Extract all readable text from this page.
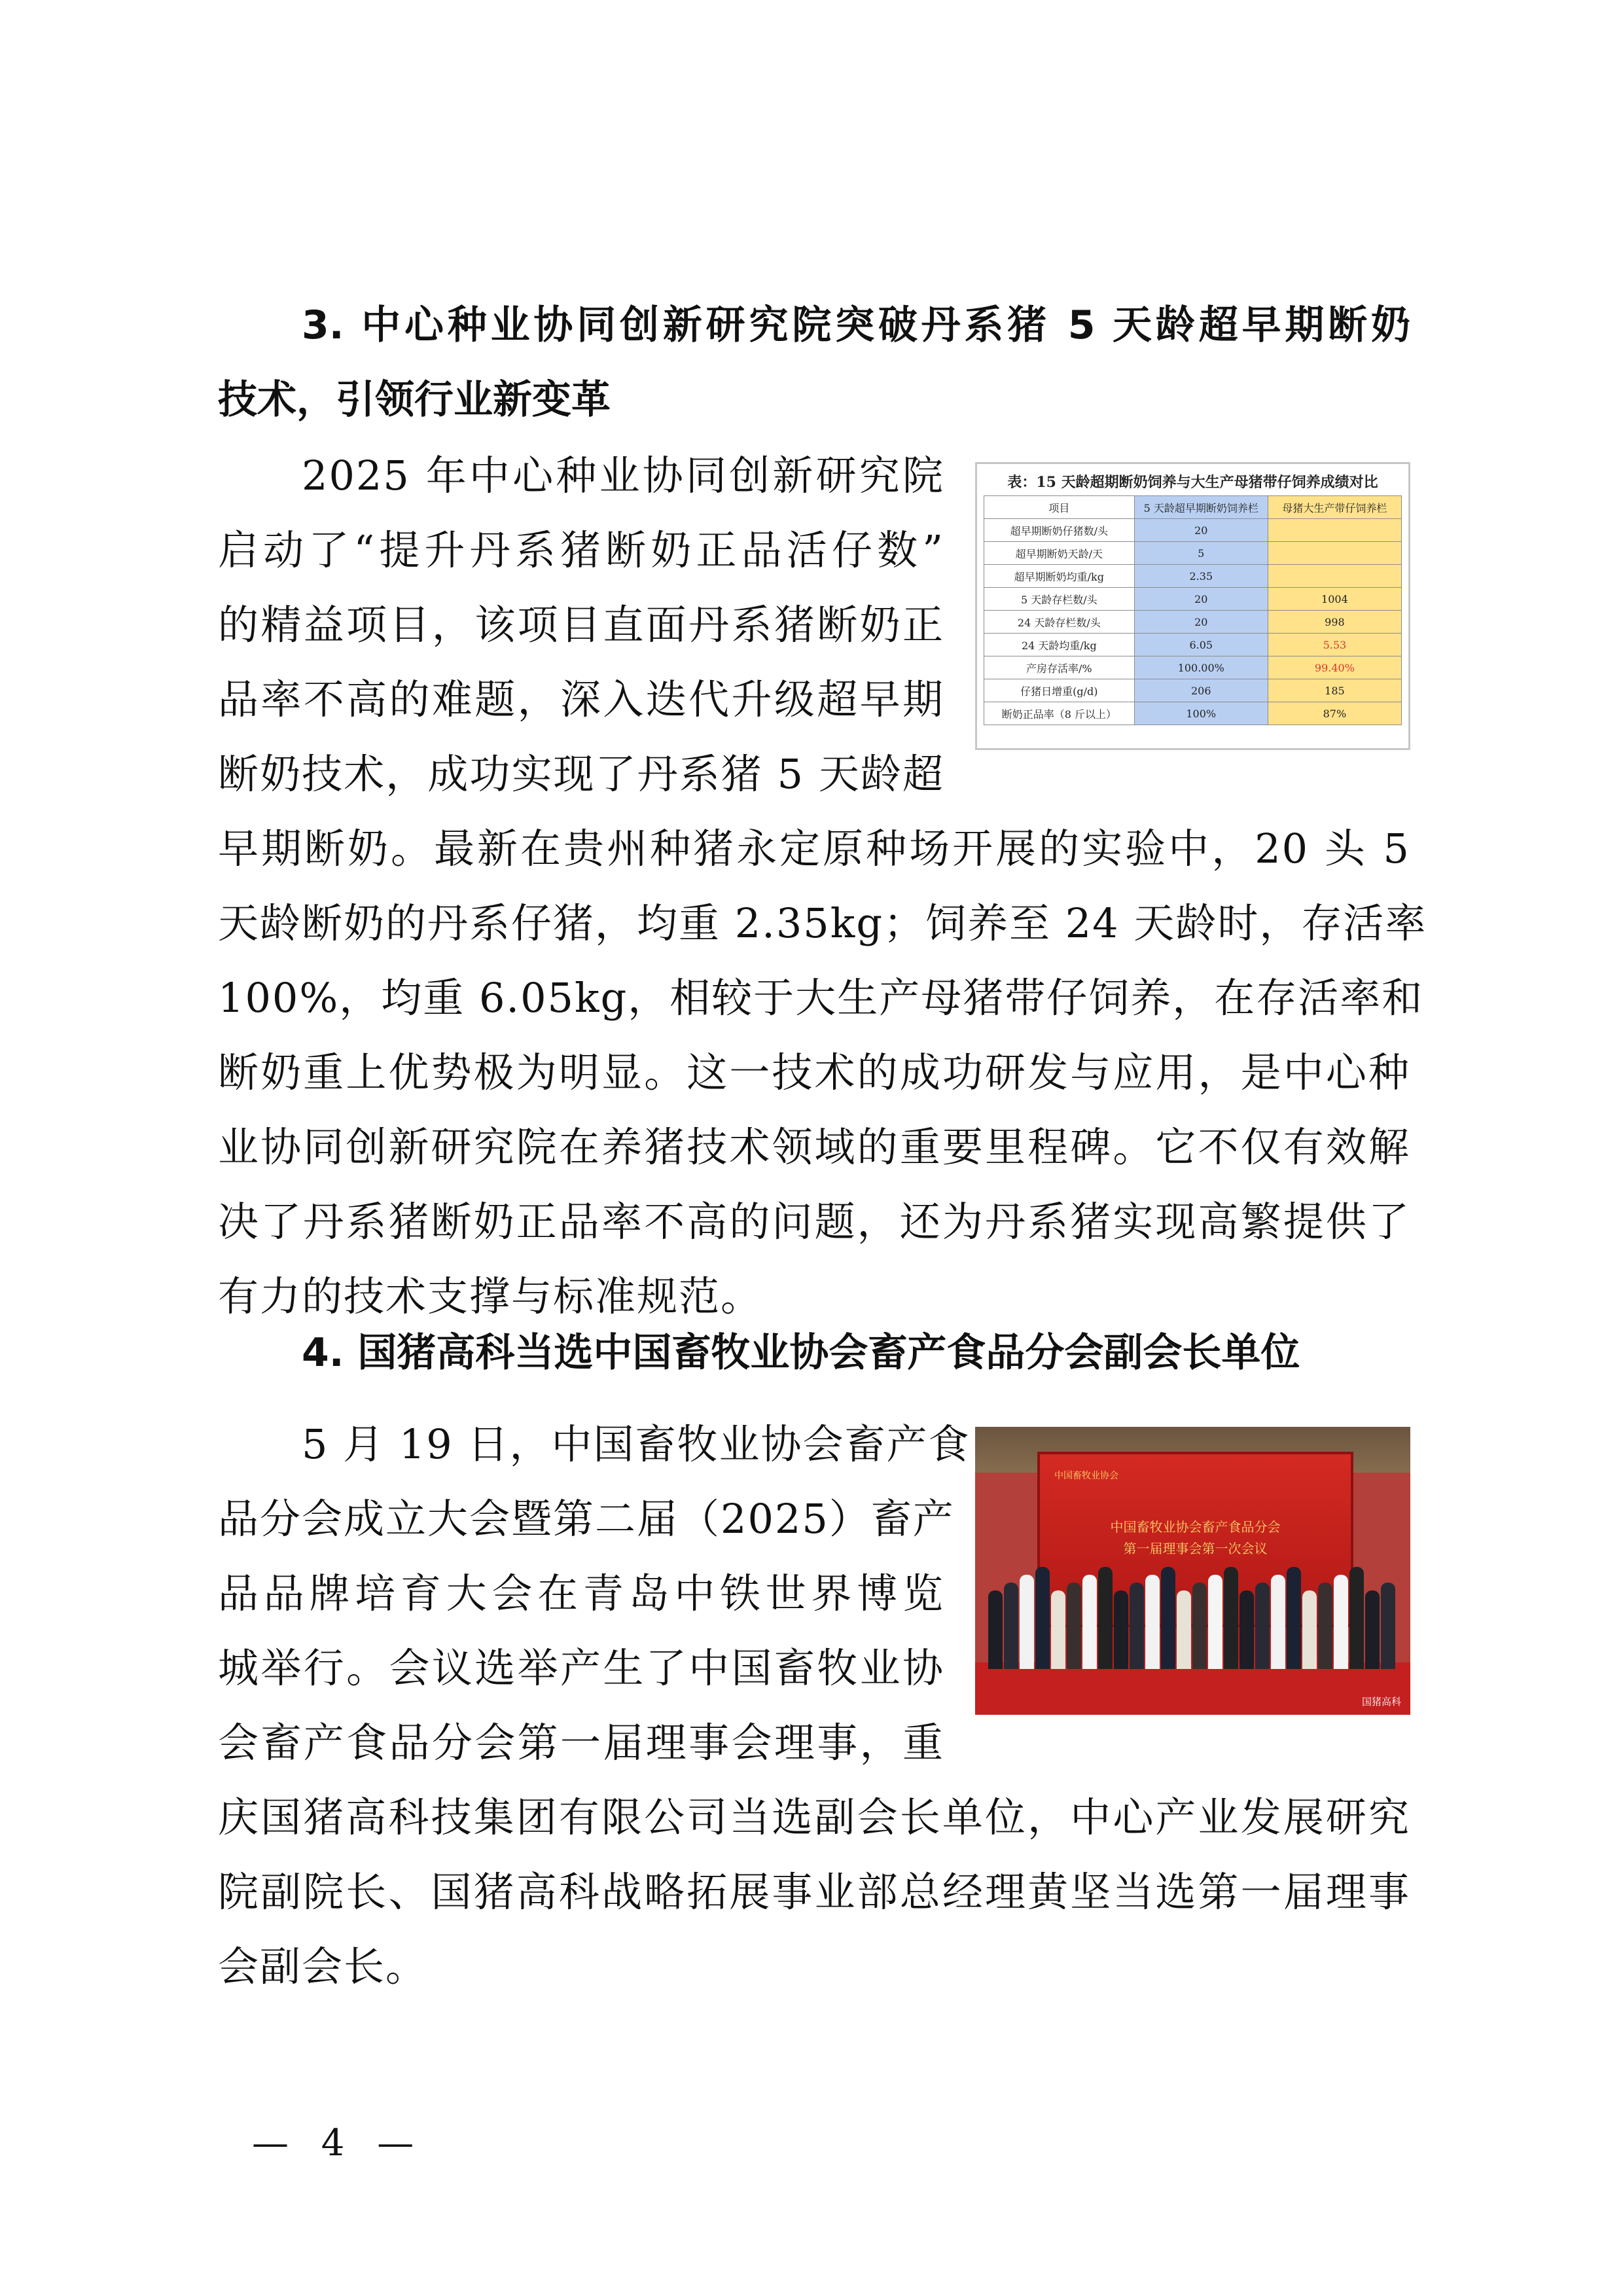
3. 中心种业协同创新研究院突破丹系猪 5 天龄超早期断奶
技术，引领行业新变革
2025 年中心种业协同创新研究院
启动了“提升丹系猪断奶正品活仔数”
的精益项目，该项目直面丹系猪断奶正
品率不高的难题，深入迭代升级超早期
断奶技术，成功实现了丹系猪 5 天龄超
表：15 天龄超期断奶饲养与大生产母猪带仔饲养成绩对比
项目	5 天龄超早期断奶饲养栏	母猪大生产带仔饲养栏
超早期断奶仔猪数/头	20	
超早期断奶天龄/天	5	
超早期断奶均重/kg	2.35	
5 天龄存栏数/头	20	1004
24 天龄存栏数/头	20	998
24 天龄均重/kg	6.05	5.53
产房存活率/%	100.00%	99.40%
仔猪日增重(g/d)	206	185
断奶正品率（8 斤以上）	100%	87%
早期断奶。最新在贵州种猪永定原种场开展的实验中，20 头 5
天龄断奶的丹系仔猪，均重 2.35kg；饲养至 24 天龄时，存活率
100%，均重 6.05kg，相较于大生产母猪带仔饲养，在存活率和
断奶重上优势极为明显。这一技术的成功研发与应用，是中心种
业协同创新研究院在养猪技术领域的重要里程碑。它不仅有效解
决了丹系猪断奶正品率不高的问题，还为丹系猪实现高繁提供了
有力的技术支撑与标准规范。
4. 国猪高科当选中国畜牧业协会畜产食品分会副会长单位
5 月 19 日，中国畜牧业协会畜产食
品分会成立大会暨第二届（2025）畜产
品品牌培育大会在青岛中铁世界博览
城举行。会议选举产生了中国畜牧业协
会畜产食品分会第一届理事会理事，重
中国畜牧业协会
中国畜牧业协会畜产食品分会
第一届理事会第一次会议
国猪高科
庆国猪高科技集团有限公司当选副会长单位，中心产业发展研究
院副院长、国猪高科战略拓展事业部总经理黄坚当选第一届理事
会副会长。
— 4 —
